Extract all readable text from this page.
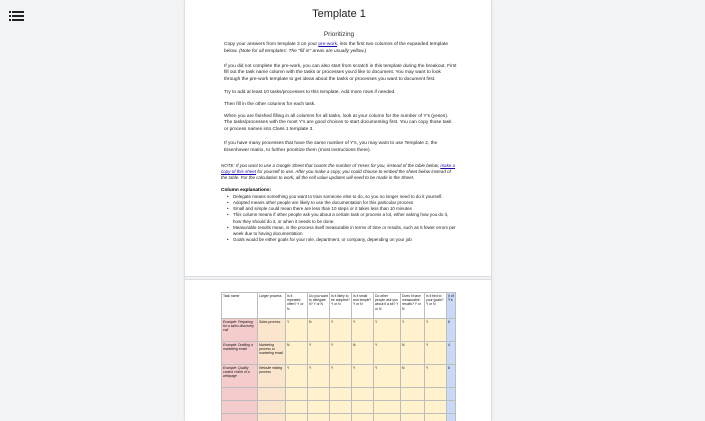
Template 1
Prioritizing

Copy your answers from template 3 on your pre-work, into the first two columns of the expanded template below. (Note for all templates: The "fill in" areas are usually yellow.)

If you did not complete the pre-work, you can also start from scratch in this template during the breakout. First fill out the task name column with the tasks or processes you'd like to document. You may want to look through the pre-work template to get ideas about the tasks or processes you want to document first.

Try to add at least 10 tasks/processes to this template. Add more rows if needed.

Then fill in the other columns for each task.

When you are finished filling in all columns for all tasks, look at your column for the number of Y's (yeses). The tasks/processes with the most Y's are good choices to start documenting first. You can copy those task or process names into Class 1 template 3.

If you have many processes that have the same number of Y's, you may want to use Template 2, the Eisenhower matrix, to further prioritize them (most instructions there).

NOTE: If you want to use a Google Sheet that counts the number of Yeses for you, instead of the table below, make a copy of this sheet for yourself to use. After you make a copy, you could choose to embed the sheet below instead of the table. For the calculation to work, all the cell value updates will need to be made in the Sheet.
Column explanations:
• Delegate means something you want to train someone else to do, so you no longer need to do it yourself.
• Adopted means other people are likely to use the documentation for this particular process
• Small and simple could mean there are less than 10 steps or it takes less than 10 minutes
• This column means if other people ask you about a certain task or process a lot, either asking how you do it, how they should do it, or when it needs to be done.
• Measurable results mean, is the process itself measurable in terms of time or results, such as 5 fewer errors per week due to having documentation
• Goals would be either goals for your role, department, or company, depending on your job
Task name	Larger process	Is it repeated often? Y or N	Do you want to delegate it? Y or N	Is it likely to be adopted? Y or N	Is it small and simple? Y or N	Do other people ask you about it a lot? Y or N	Does it have measurable results? Y or N	Is it tied to your goals? Y or N	# of Y's
Example: Preparing for a sales discovery call	Sales process	Y	N	Y	Y	Y	Y	Y	6
Example: Drafting a marketing email	Marketing process or marketing email	N	Y	Y	N	Y	N	Y	4
Example: Quality control check of a webpage	Website editing process	Y	Y	Y	Y	Y	N	Y	6
